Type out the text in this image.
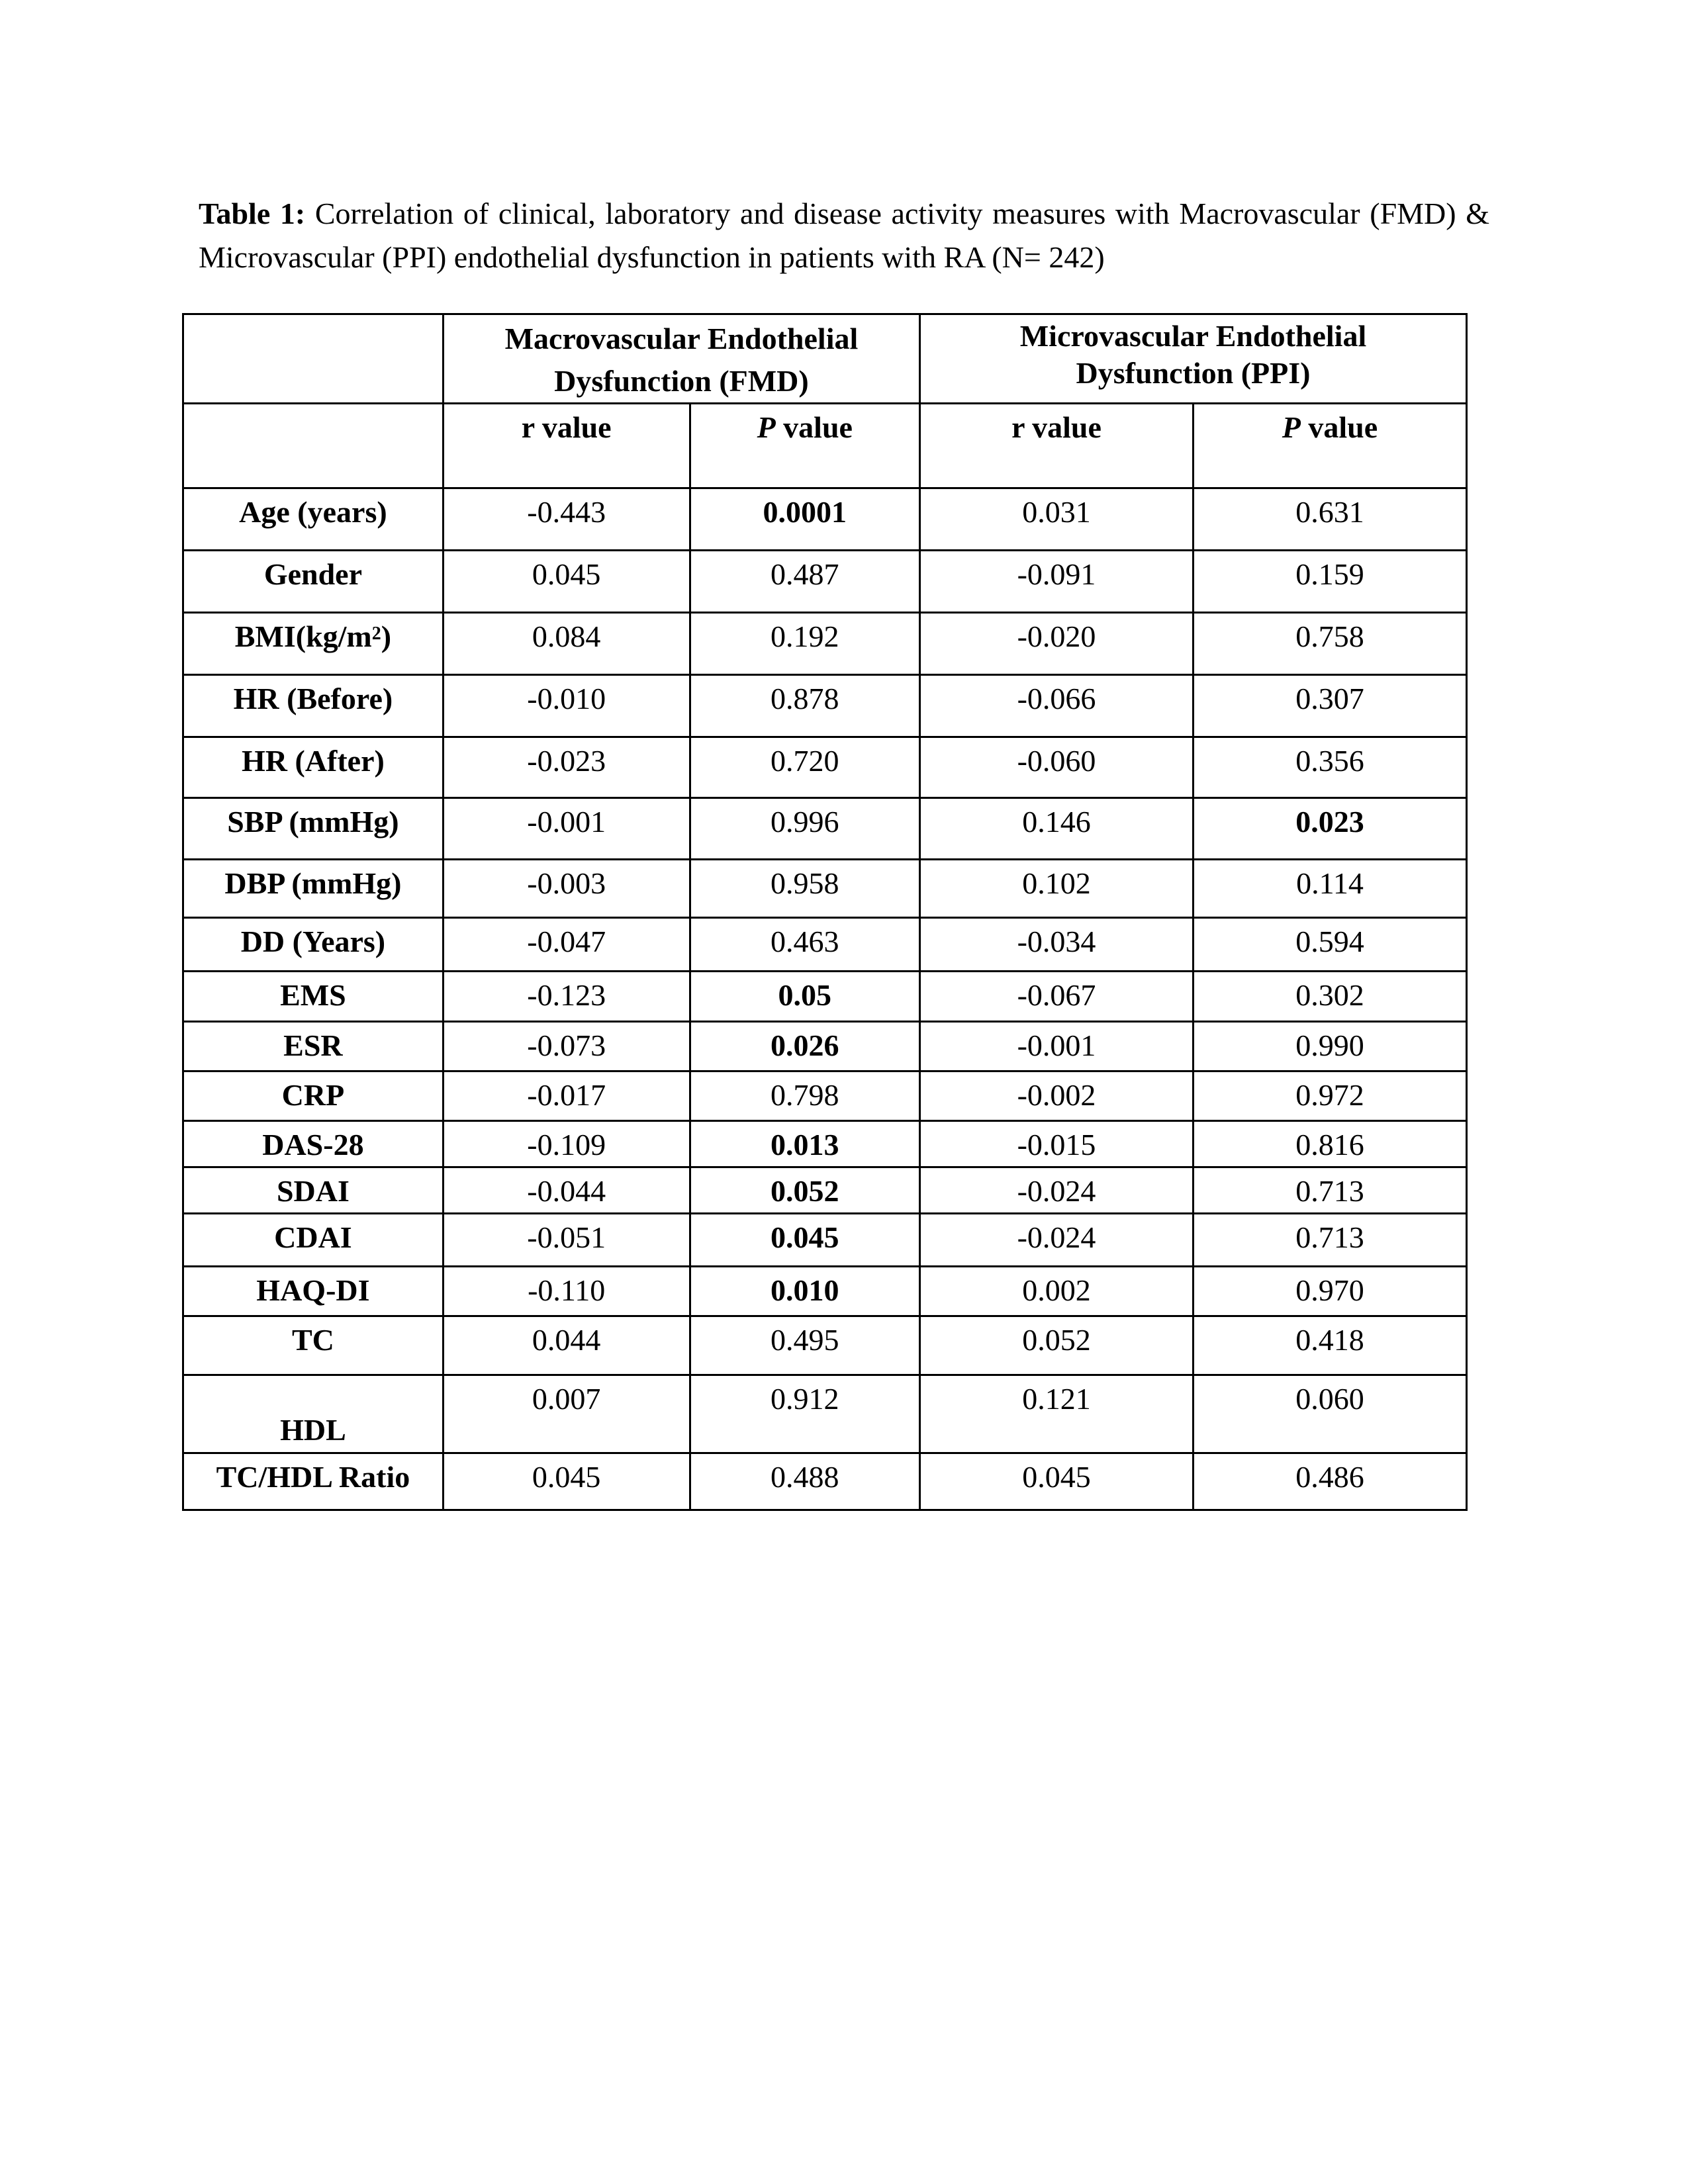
Table 1: Correlation of clinical, laboratory and disease activity measures with Macrovascular (FMD) & Microvascular (PPI) endothelial dysfunction in patients with RA (N= 242)
	Macrovascular Endothelial Dysfunction (FMD)		Microvascular Endothelial Dysfunction (PPI)	
	r value	P value	r value	P value
Age (years)	-0.443	0.0001	0.031	0.631
Gender	0.045	0.487	-0.091	0.159
$BMI(kg/m^2)$	0.084	0.192	-0.020	0.758
HR (Before)	-0.010	0.878	-0.066	0.307
HR (After)	-0.023	0.720	-0.060	0.356
SBP (mmHg)	-0.001	0.996	0.146	0.023
DBP (mmHg)	-0.003	0.958	0.102	0.114
DD (Years)	-0.047	0.463	-0.034	0.594
EMS	-0.123	0.05	-0.067	0.302
ESR	-0.073	0.026	-0.001	0.990
CRP	-0.017	0.798	-0.002	0.972
DAS-28	-0.109	0.013	-0.015	0.816
SDAI	-0.044	0.052	-0.024	0.713
CDAI	-0.051	0.045	-0.024	0.713
HAQ-DI	-0.110	0.010	0.002	0.970
TC	0.044	0.495	0.052	0.418
HDL	0.007	0.912	0.121	0.060
TC/HDL Ratio	0.045	0.488	0.045	0.486
